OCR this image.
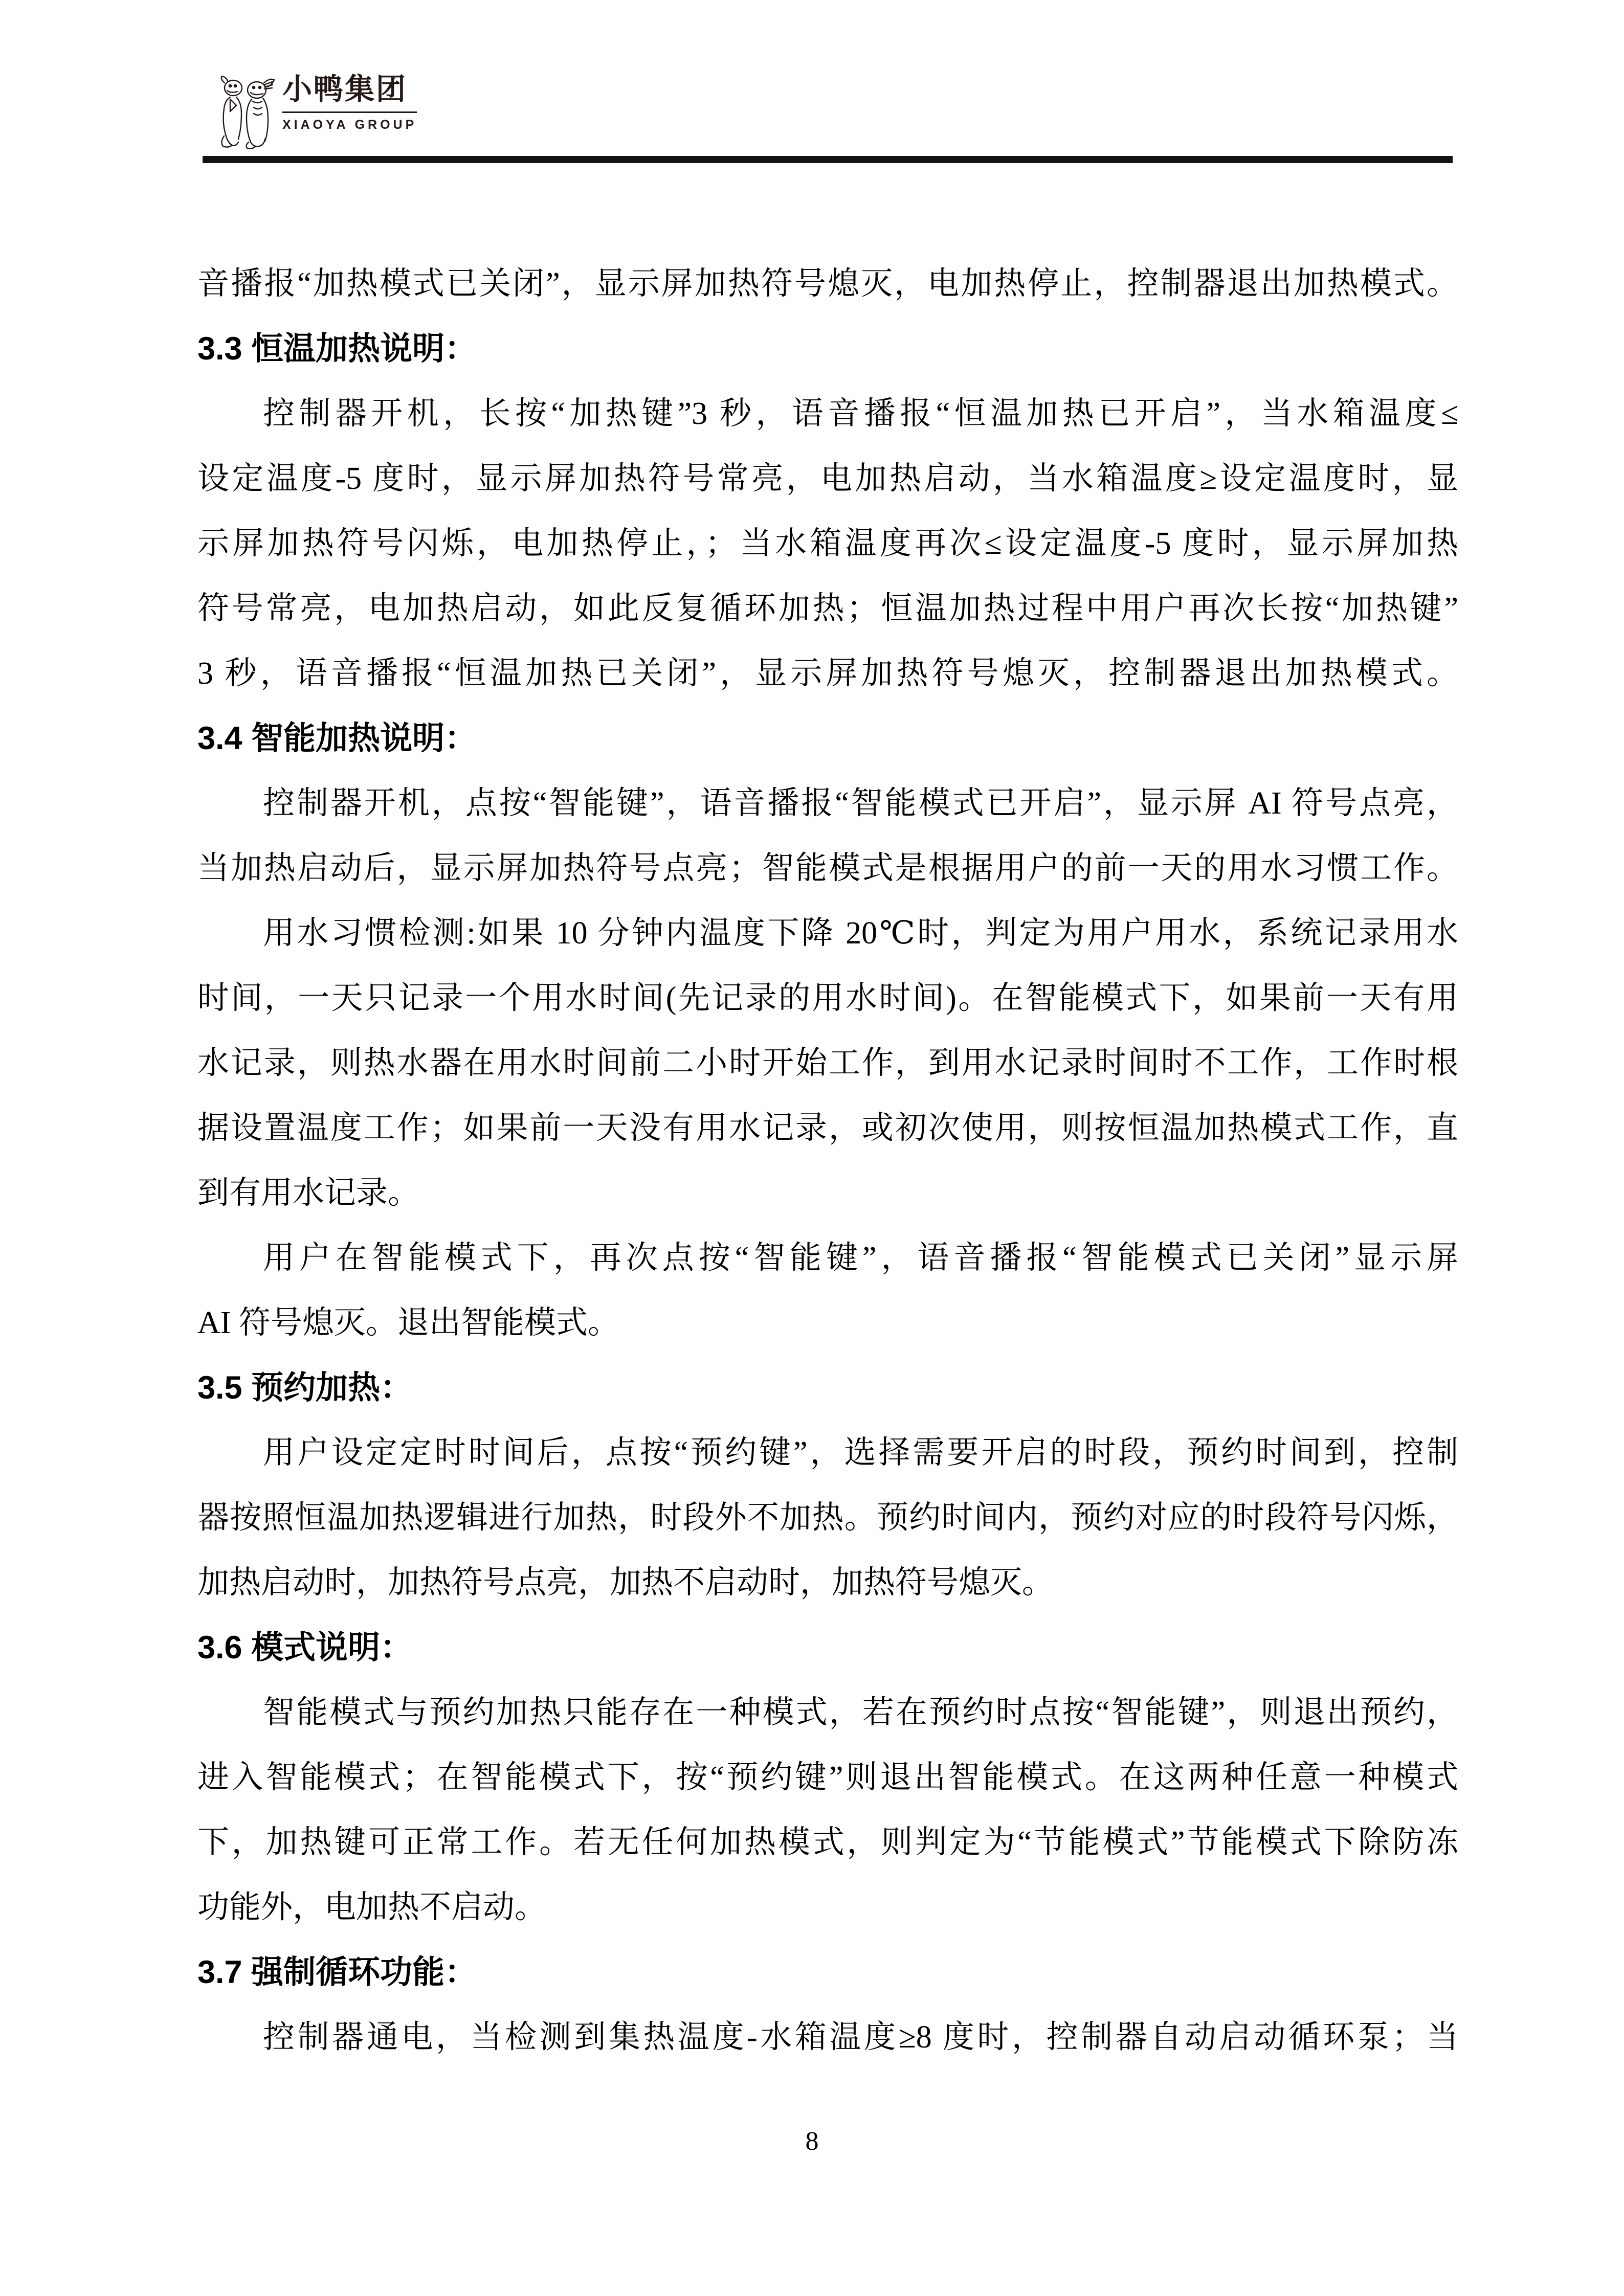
小鸭集团
XIAOYA GROUP
音播报“加热模式已关闭”，显示屏加热符号熄灭，电加热停止，控制器退出加热模式。
3.3 恒温加热说明：
控制器开机，长按“加热键”3 秒，语音播报“恒温加热已开启”，当水箱温度≤
设定温度-5 度时，显示屏加热符号常亮，电加热启动，当水箱温度≥设定温度时，显
示屏加热符号闪烁，电加热停止，；当水箱温度再次≤设定温度-5 度时，显示屏加热
符号常亮，电加热启动，如此反复循环加热；恒温加热过程中用户再次长按“加热键”
3 秒，语音播报“恒温加热已关闭”，显示屏加热符号熄灭，控制器退出加热模式。
3.4 智能加热说明：
控制器开机，点按“智能键”，语音播报“智能模式已开启”，显示屏 AI 符号点亮，
当加热启动后，显示屏加热符号点亮；智能模式是根据用户的前一天的用水习惯工作。
用水习惯检测:如果 10 分钟内温度下降 20℃时，判定为用户用水，系统记录用水
时间，一天只记录一个用水时间(先记录的用水时间)。在智能模式下，如果前一天有用
水记录，则热水器在用水时间前二小时开始工作，到用水记录时间时不工作，工作时根
据设置温度工作；如果前一天没有用水记录，或初次使用，则按恒温加热模式工作，直
到有用水记录。
用户在智能模式下，再次点按“智能键”，语音播报“智能模式已关闭”显示屏
AI 符号熄灭。退出智能模式。
3.5 预约加热：
用户设定定时时间后，点按“预约键”，选择需要开启的时段，预约时间到，控制
器按照恒温加热逻辑进行加热，时段外不加热。预约时间内，预约对应的时段符号闪烁，
加热启动时，加热符号点亮，加热不启动时，加热符号熄灭。
3.6 模式说明：
智能模式与预约加热只能存在一种模式，若在预约时点按“智能键”，则退出预约，
进入智能模式；在智能模式下，按“预约键”则退出智能模式。在这两种任意一种模式
下，加热键可正常工作。若无任何加热模式，则判定为“节能模式”节能模式下除防冻
功能外，电加热不启动。
3.7 强制循环功能：
控制器通电，当检测到集热温度-水箱温度≥8 度时，控制器自动启动循环泵；当
8
